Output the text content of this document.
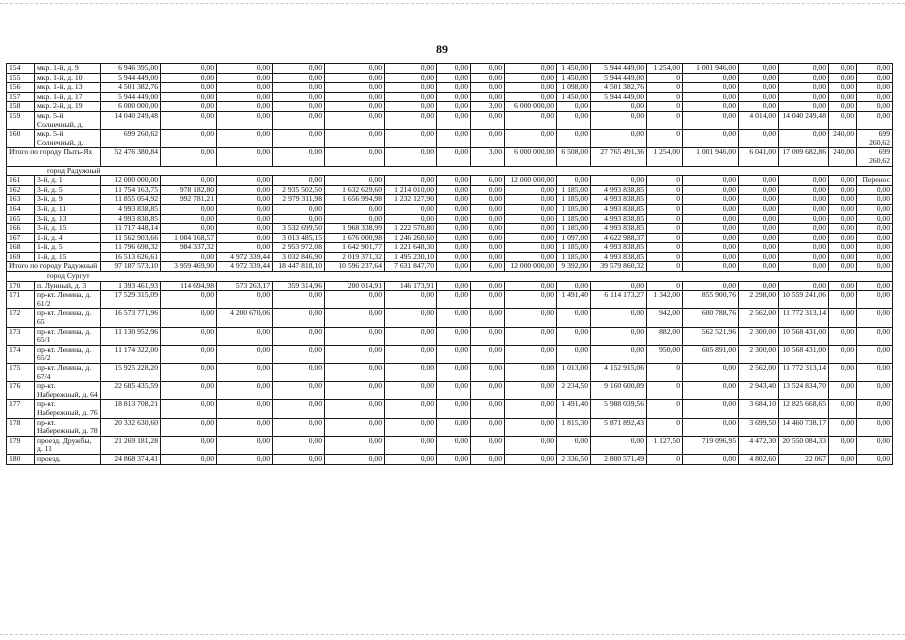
89
154	мкр. 1-й, д. 9	6 946 395,00	0,00	0,00	0,00	0,00	0,00	0,00	0,00	0,00	1 450,00	5 944 449,00	1 254,00	1 001 946,00	0,00	0,00	0,00	0,00
155	мкр. 1-й, д. 10	5 944 449,00	0,00	0,00	0,00	0,00	0,00	0,00	0,00	0,00	1 450,00	5 944 449,00	0	0,00	0,00	0,00	0,00	0,00
156	мкр. 1-й, д. 13	4 501 382,76	0,00	0,00	0,00	0,00	0,00	0,00	0,00	0,00	1 098,00	4 501 382,76	0	0,00	0,00	0,00	0,00	0,00
157	мкр. 1-й, д. 17	5 944 449,00	0,00	0,00	0,00	0,00	0,00	0,00	0,00	0,00	1 450,00	5 944 449,00	0	0,00	0,00	0,00	0,00	0,00
158	мкр. 2-й, д. 19	6 000 000,00	0,00	0,00	0,00	0,00	0,00	0,00	3,00	6 000 000,00	0,00	0,00	0	0,00	0,00	0,00	0,00	0,00
159	мкр. 5-й Солнечный, д.	14 040 249,48	0,00	0,00	0,00	0,00	0,00	0,00	0,00	0,00	0,00	0,00	0	0,00	4 014,00	14 040 249,48	0,00	0,00
160	мкр. 5-й Солнечный, д.	699 260,62	0,00	0,00	0,00	0,00	0,00	0,00	0,00	0,00	0,00	0,00	0	0,00	0,00	0,00	240,00	699 260,62
Итого по городу Пыть-Ях		52 476 380,84	0,00	0,00	0,00	0,00	0,00	0,00	3,00	6 000 000,00	6 508,00	27 765 491,36	1 254,00	1 001 946,00	6 041,00	17 009 682,86	240,00	699 260,62
город Радужный																		
161	3-й, д. 1	12 000 000,00	0,00	0,00	0,00	0,00	0,00	0,00	6,00	12 000 000,00	0,00	0,00	0	0,00	0,00	0,00	0,00	Перенос
162	3-й, д. 5	11 754 163,75	978 182,80	0,00	2 935 502,50	1 632 629,60	1 214 010,00	0,00	0,00	0,00	1 185,00	4 993 838,85	0	0,00	0,00	0,00	0,00	0,00
163	3-й, д. 9	11 855 054,92	992 781,21	0,00	2 979 311,98	1 656 994,98	1 232 127,90	0,00	0,00	0,00	1 185,00	4 993 838,85	0	0,00	0,00	0,00	0,00	0,00
164	3-й, д. 11	4 993 838,85	0,00	0,00	0,00	0,00	0,00	0,00	0,00	0,00	1 185,00	4 993 838,85	0	0,00	0,00	0,00	0,00	0,00
165	3-й, д. 13	4 993 838,85	0,00	0,00	0,00	0,00	0,00	0,00	0,00	0,00	1 185,00	4 993 838,85	0	0,00	0,00	0,00	0,00	0,00
166	3-й, д. 15	11 717 448,14	0,00	0,00	3 532 699,50	1 968 338,99	1 222 570,80	0,00	0,00	0,00	1 185,00	4 993 838,85	0	0,00	0,00	0,00	0,00	0,00
167	1-й, д. 4	11 562 903,66	1 004 168,57	0,00	3 013 485,15	1 676 000,98	1 246 260,60	0,00	0,00	0,00	1 097,00	4 622 988,37	0	0,00	0,00	0,00	0,00	0,00
168	1-й, д. 5	11 796 698,32	984 337,32	0,00	2 953 972,08	1 642 901,77	1 221 648,30	0,00	0,00	0,00	1 185,00	4 993 838,85	0	0,00	0,00	0,00	0,00	0,00
169	1-й, д. 15	16 513 626,61	0,00	4 972 339,44	3 032 846,90	2 019 371,32	1 495 230,10	0,00	0,00	0,00	1 185,00	4 993 838,85	0	0,00	0,00	0,00	0,00	0,00
Итого по городу Радужный		97 187 573,10	3 959 469,90	4 972 339,44	18 447 818,10	10 596 237,64	7 631 847,70	0,00	6,00	12 000 000,00	9 392,00	39 579 860,32	0	0,00	0,00	0,00	0,00	0,00
город Сургут																		
170	п. Лунный, д. 3	1 393 461,93	114 694,98	573 263,17	359 314,96	200 014,91	146 173,91	0,00	0,00	0,00	0,00	0,00	0	0,00	0,00	0,00	0,00	0,00
171	пр-кт. Ленина, д. 61/2	17 529 315,09	0,00	0,00	0,00	0,00	0,00	0,00	0,00	0,00	1 491,40	6 114 173,27	1 342,00	855 900,76	2 298,00	10 559 241,06	0,00	0,00
172	пр-кт. Ленина, д. 65	16 573 771,96	0,00	4 200 670,06	0,00	0,00	0,00	0,00	0,00	0,00	0,00	0,00	942,00	600 788,76	2 562,00	11 772 313,14	0,00	0,00
173	пр-кт. Ленина, д. 65/1	11 130 952,96	0,00	0,00	0,00	0,00	0,00	0,00	0,00	0,00	0,00	0,00	882,00	562 521,96	2 300,00	10 568 431,00	0,00	0,00
174	пр-кт. Ленина, д. 65/2	11 174 322,00	0,00	0,00	0,00	0,00	0,00	0,00	0,00	0,00	0,00	0,00	950,00	605 891,00	2 300,00	10 568 431,00	0,00	0,00
175	пр-кт. Ленина, д. 67/4	15 925 228,20	0,00	0,00	0,00	0,00	0,00	0,00	0,00	0,00	1 013,00	4 152 915,06	0	0,00	2 562,00	11 772 313,14	0,00	0,00
176	пр-кт. Набережный, д. 64	22 685 435,59	0,00	0,00	0,00	0,00	0,00	0,00	0,00	0,00	2 234,50	9 160 600,89	0	0,00	2 943,40	13 524 834,70	0,00	0,00
177	пр-кт. Набережный, д. 76	18 813 708,21	0,00	0,00	0,00	0,00	0,00	0,00	0,00	0,00	1 491,40	5 988 039,56	0	0,00	3 684,10	12 825 668,65	0,00	0,00
178	пр-кт. Набережный, д. 78	20 332 630,60	0,00	0,00	0,00	0,00	0,00	0,00	0,00	0,00	1 815,30	5 871 892,43	0	0,00	3 699,50	14 460 738,17	0,00	0,00
179	проезд. Дружбы, д. 11	21 269 181,28	0,00	0,00	0,00	0,00	0,00	0,00	0,00	0,00	0,00	0,00	1 127,50	719 096,95	4 472,30	20 550 084,33	0,00	0,00
180	проезд.	24 868 374,41	0,00	0,00	0,00	0,00	0,00	0,00	0,00	0,00	2 336,50	2 800 571,49	0	0,00	4 802,60	22 067	0,00	0,00
